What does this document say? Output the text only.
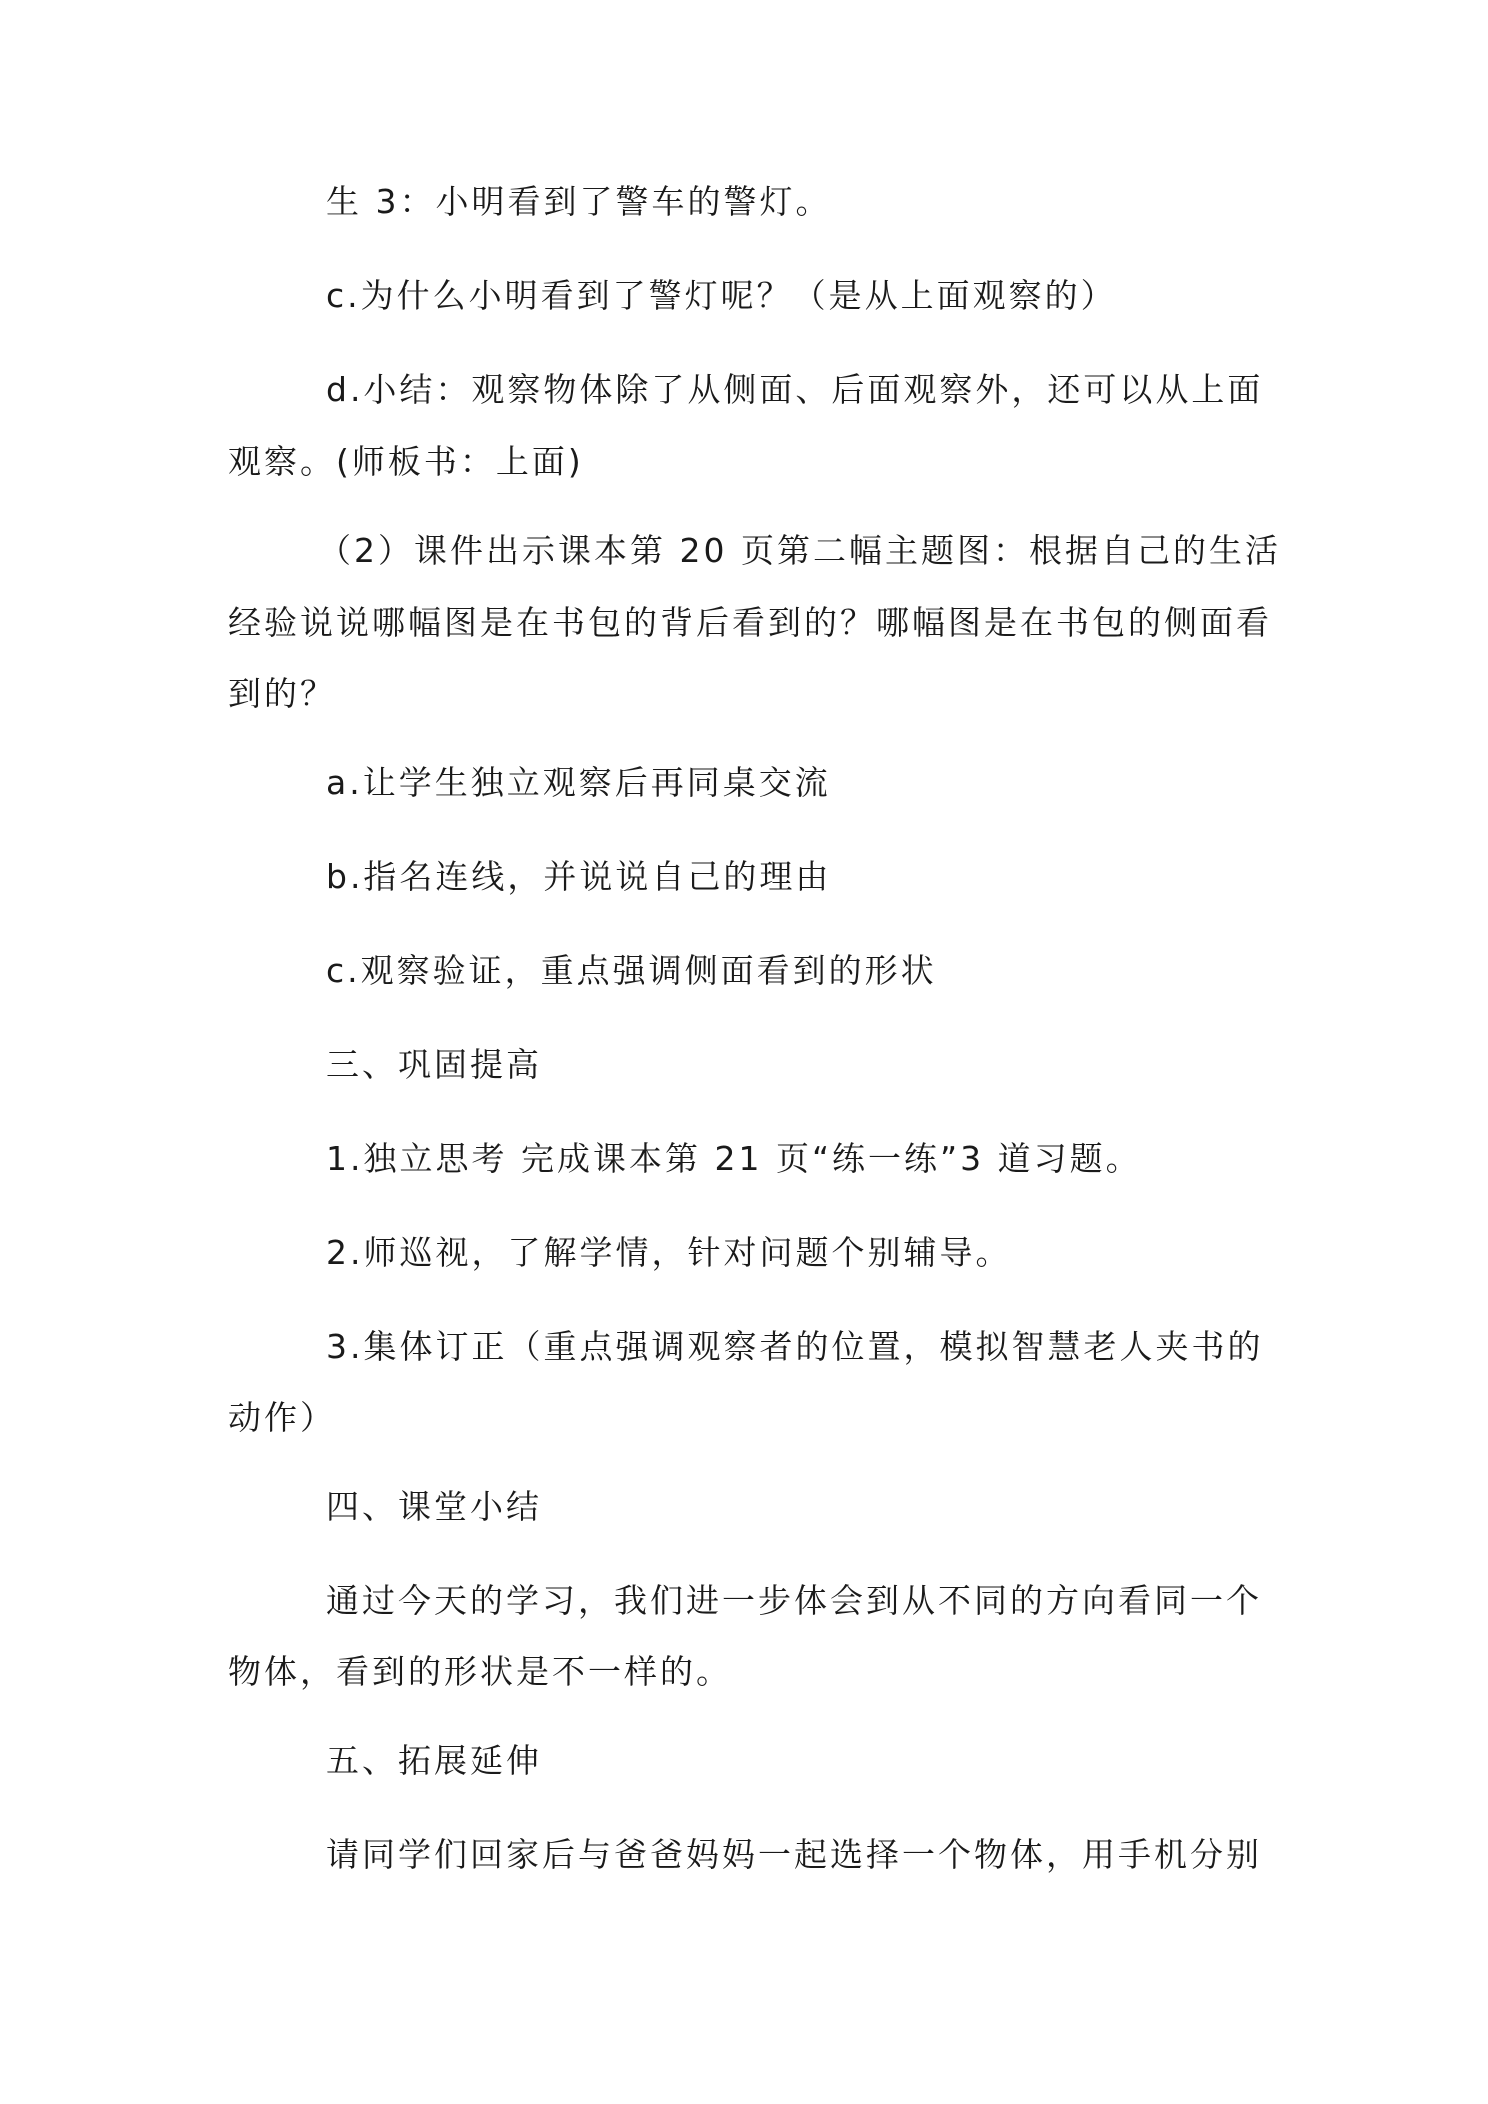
生 3：小明看到了警车的警灯。
c.为什么小明看到了警灯呢？（是从上面观察的）
d.小结：观察物体除了从侧面、后面观察外，还可以从上面
观察。(师板书：上面)
（2）课件出示课本第 20 页第二幅主题图：根据自己的生活
经验说说哪幅图是在书包的背后看到的？哪幅图是在书包的侧面看
到的？
a.让学生独立观察后再同桌交流
b.指名连线，并说说自己的理由
c.观察验证，重点强调侧面看到的形状
三、巩固提高
1.独立思考 完成课本第 21 页“练一练”3 道习题。
2.师巡视，了解学情，针对问题个别辅导。
3.集体订正（重点强调观察者的位置，模拟智慧老人夹书的
动作）
四、课堂小结
通过今天的学习，我们进一步体会到从不同的方向看同一个
物体，看到的形状是不一样的。
五、拓展延伸
请同学们回家后与爸爸妈妈一起选择一个物体，用手机分别
